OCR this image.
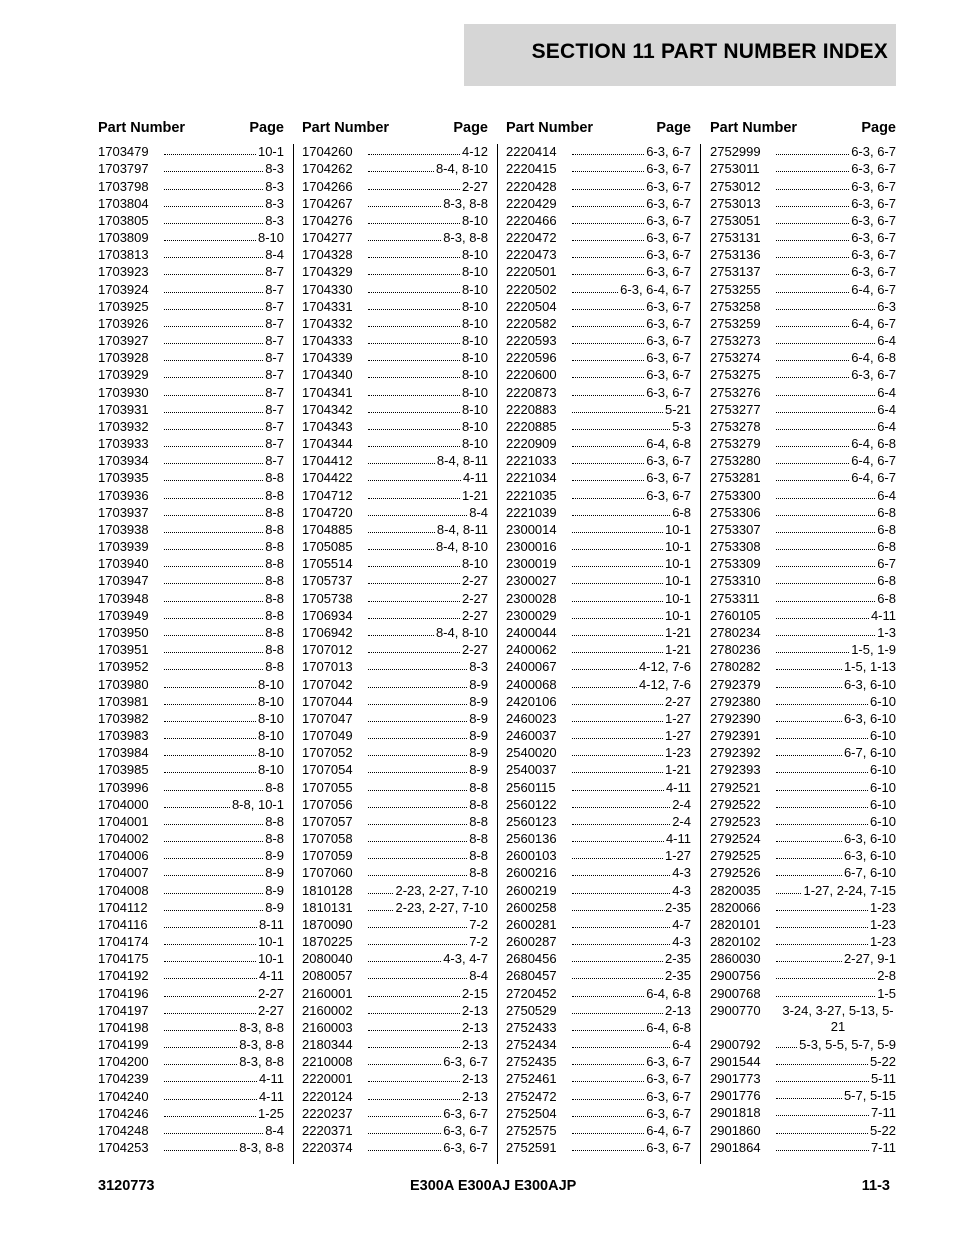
SECTION 11 PART NUMBER INDEX
Part Number	Page
1703479	10-1
1703797	8-3
1703798	8-3
1703804	8-3
1703805	8-3
1703809	8-10
1703813	8-4
1703923	8-7
1703924	8-7
1703925	8-7
1703926	8-7
1703927	8-7
1703928	8-7
1703929	8-7
1703930	8-7
1703931	8-7
1703932	8-7
1703933	8-7
1703934	8-7
1703935	8-8
1703936	8-8
1703937	8-8
1703938	8-8
1703939	8-8
1703940	8-8
1703947	8-8
1703948	8-8
1703949	8-8
1703950	8-8
1703951	8-8
1703952	8-8
1703980	8-10
1703981	8-10
1703982	8-10
1703983	8-10
1703984	8-10
1703985	8-10
1703996	8-8
1704000	8-8, 10-1
1704001	8-8
1704002	8-8
1704006	8-9
1704007	8-9
1704008	8-9
1704112	8-9
1704116	8-11
1704174	10-1
1704175	10-1
1704192	4-11
1704196	2-27
1704197	2-27
1704198	8-3, 8-8
1704199	8-3, 8-8
1704200	8-3, 8-8
1704239	4-11
1704240	4-11
1704246	1-25
1704248	8-4
1704253	8-3, 8-8
Part Number	Page
1704260	4-12
1704262	8-4, 8-10
1704266	2-27
1704267	8-3, 8-8
1704276	8-10
1704277	8-3, 8-8
1704328	8-10
1704329	8-10
1704330	8-10
1704331	8-10
1704332	8-10
1704333	8-10
1704339	8-10
1704340	8-10
1704341	8-10
1704342	8-10
1704343	8-10
1704344	8-10
1704412	8-4, 8-11
1704422	4-11
1704712	1-21
1704720	8-4
1704885	8-4, 8-11
1705085	8-4, 8-10
1705514	8-10
1705737	2-27
1705738	2-27
1706934	2-27
1706942	8-4, 8-10
1707012	2-27
1707013	8-3
1707042	8-9
1707044	8-9
1707047	8-9
1707049	8-9
1707052	8-9
1707054	8-9
1707055	8-8
1707056	8-8
1707057	8-8
1707058	8-8
1707059	8-8
1707060	8-8
1810128	2-23, 2-27, 7-10
1810131	2-23, 2-27, 7-10
1870090	7-2
1870225	7-2
2080040	4-3, 4-7
2080057	8-4
2160001	2-15
2160002	2-13
2160003	2-13
2180344	2-13
2210008	6-3, 6-7
2220001	2-13
2220124	2-13
2220237	6-3, 6-7
2220371	6-3, 6-7
2220374	6-3, 6-7
Part Number	Page
2220414	6-3, 6-7
2220415	6-3, 6-7
2220428	6-3, 6-7
2220429	6-3, 6-7
2220466	6-3, 6-7
2220472	6-3, 6-7
2220473	6-3, 6-7
2220501	6-3, 6-7
2220502	6-3, 6-4, 6-7
2220504	6-3, 6-7
2220582	6-3, 6-7
2220593	6-3, 6-7
2220596	6-3, 6-7
2220600	6-3, 6-7
2220873	6-3, 6-7
2220883	5-21
2220885	5-3
2220909	6-4, 6-8
2221033	6-3, 6-7
2221034	6-3, 6-7
2221035	6-3, 6-7
2221039	6-8
2300014	10-1
2300016	10-1
2300019	10-1
2300027	10-1
2300028	10-1
2300029	10-1
2400044	1-21
2400062	1-21
2400067	4-12, 7-6
2400068	4-12, 7-6
2420106	2-27
2460023	1-27
2460037	1-27
2540020	1-23
2540037	1-21
2560115	4-11
2560122	2-4
2560123	2-4
2560136	4-11
2600103	1-27
2600216	4-3
2600219	4-3
2600258	2-35
2600281	4-7
2600287	4-3
2680456	2-35
2680457	2-35
2720452	6-4, 6-8
2750529	2-13
2752433	6-4, 6-8
2752434	6-4
2752435	6-3, 6-7
2752461	6-3, 6-7
2752472	6-3, 6-7
2752504	6-3, 6-7
2752575	6-4, 6-7
2752591	6-3, 6-7
Part Number	Page
2752999	6-3, 6-7
2753011	6-3, 6-7
2753012	6-3, 6-7
2753013	6-3, 6-7
2753051	6-3, 6-7
2753131	6-3, 6-7
2753136	6-3, 6-7
2753137	6-3, 6-7
2753255	6-4, 6-7
2753258	6-3
2753259	6-4, 6-7
2753273	6-4
2753274	6-4, 6-8
2753275	6-3, 6-7
2753276	6-4
2753277	6-4
2753278	6-4
2753279	6-4, 6-8
2753280	6-4, 6-7
2753281	6-4, 6-7
2753300	6-4
2753306	6-8
2753307	6-8
2753308	6-8
2753309	6-7
2753310	6-8
2753311	6-8
2760105	4-11
2780234	1-3
2780236	1-5, 1-9
2780282	1-5, 1-13
2792379	6-3, 6-10
2792380	6-10
2792390	6-3, 6-10
2792391	6-10
2792392	6-7, 6-10
2792393	6-10
2792521	6-10
2792522	6-10
2792523	6-10
2792524	6-3, 6-10
2792525	6-3, 6-10
2792526	6-7, 6-10
2820035	1-27, 2-24, 7-15
2820066	1-23
2820101	1-23
2820102	1-23
2860030	2-27, 9-1
2900756	2-8
2900768	1-5
2900770	3-24, 3-27, 5-13, 5-21
2900792	5-3, 5-5, 5-7, 5-9
2901544	5-22
2901773	5-11
2901776	5-7, 5-15
2901818	7-11
2901860	5-22
2901864	7-11
3120773	E300A E300AJ E300AJP	11-3
